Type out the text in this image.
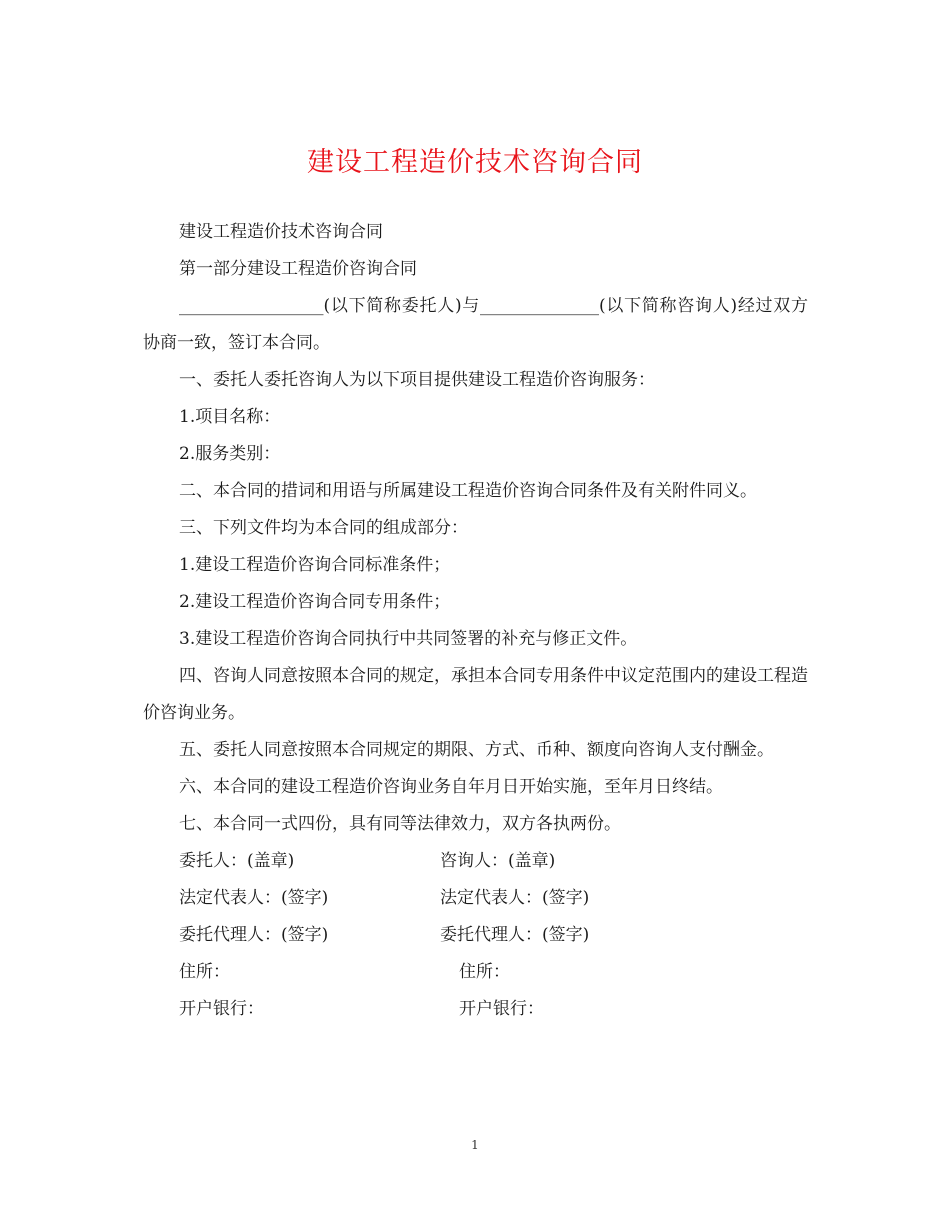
建设工程造价技术咨询合同

建设工程造价技术咨询合同

第一部分建设工程造价咨询合同

_________________(以下简称委托人)与______________(以下简称咨询人)经过双方协商一致，签订本合同。

一、委托人委托咨询人为以下项目提供建设工程造价咨询服务：

1.项目名称：

2.服务类别：

二、本合同的措词和用语与所属建设工程造价咨询合同条件及有关附件同义。

三、下列文件均为本合同的组成部分：

1.建设工程造价咨询合同标准条件；

2.建设工程造价咨询合同专用条件；

3.建设工程造价咨询合同执行中共同签署的补充与修正文件。

四、咨询人同意按照本合同的规定，承担本合同专用条件中议定范围内的建设工程造价咨询业务。

五、委托人同意按照本合同规定的期限、方式、币种、额度向咨询人支付酬金。

六、本合同的建设工程造价咨询业务自年月日开始实施，至年月日终结。

七、本合同一式四份，具有同等法律效力，双方各执两份。

委托人：(盖章)	咨询人：(盖章)
法定代表人：(签字)	法定代表人：(签字)
委托代理人：(签字)	委托代理人：(签字)
住所：	住所：
开户银行：	开户银行：
1
